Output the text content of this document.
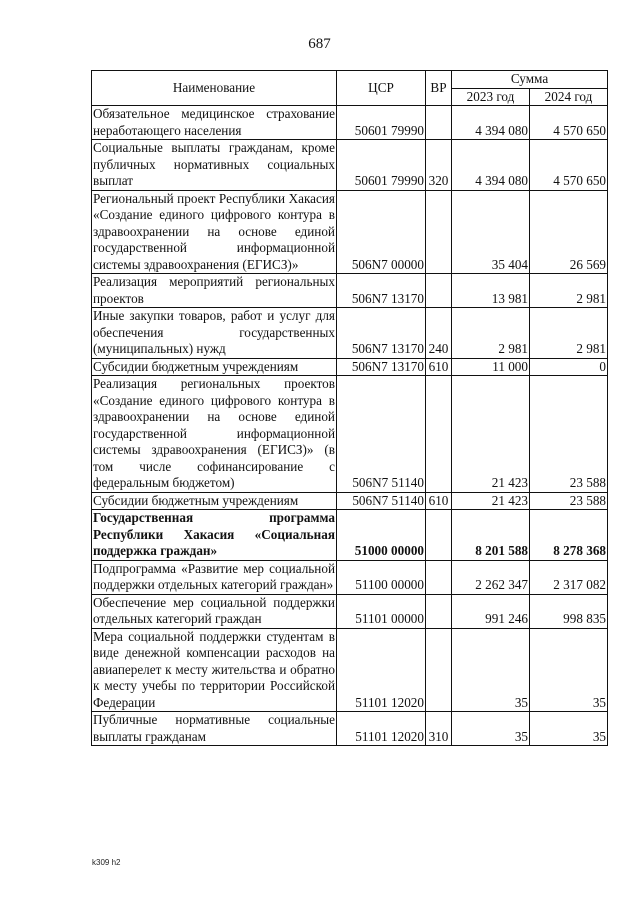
687
Наименование	ЦСР	ВР	Сумма	
			2023 год	2024 год
Обязательное медицинское страхование неработающего населения	50601 79990		4 394 080	4 570 650
Социальные выплаты гражданам, кроме публичных нормативных социальных выплат	50601 79990	320	4 394 080	4 570 650
Региональный проект Республики Хакасия «Создание единого цифрового контура в здравоохранении на основе единой государственной информационной системы здравоохранения (ЕГИСЗ)»	506N7 00000		35 404	26 569
Реализация мероприятий региональных проектов	506N7 13170		13 981	2 981
Иные закупки товаров, работ и услуг для обеспечения государственных (муниципальных) нужд	506N7 13170	240	2 981	2 981
Субсидии бюджетным учреждениям	506N7 13170	610	11 000	0
Реализация региональных проектов «Создание единого цифрового контура в здравоохранении на основе единой государственной информационной системы здравоохранения (ЕГИСЗ)» (в том числе софинансирование с федеральным бюджетом)	506N7 51140		21 423	23 588
Субсидии бюджетным учреждениям	506N7 51140	610	21 423	23 588
Государственная программа Республики Хакасия «Социальная поддержка граждан»	51000 00000		8 201 588	8 278 368
Подпрограмма «Развитие мер социальной поддержки отдельных категорий граждан»	51100 00000		2 262 347	2 317 082
Обеспечение мер социальной поддержки отдельных категорий граждан	51101 00000		991 246	998 835
Мера социальной поддержки студентам в виде денежной компенсации расходов на авиаперелет к месту жительства и обратно к месту учебы по территории Российской Федерации	51101 12020		35	35
Публичные нормативные социальные выплаты гражданам	51101 12020	310	35	35
k309 h2
